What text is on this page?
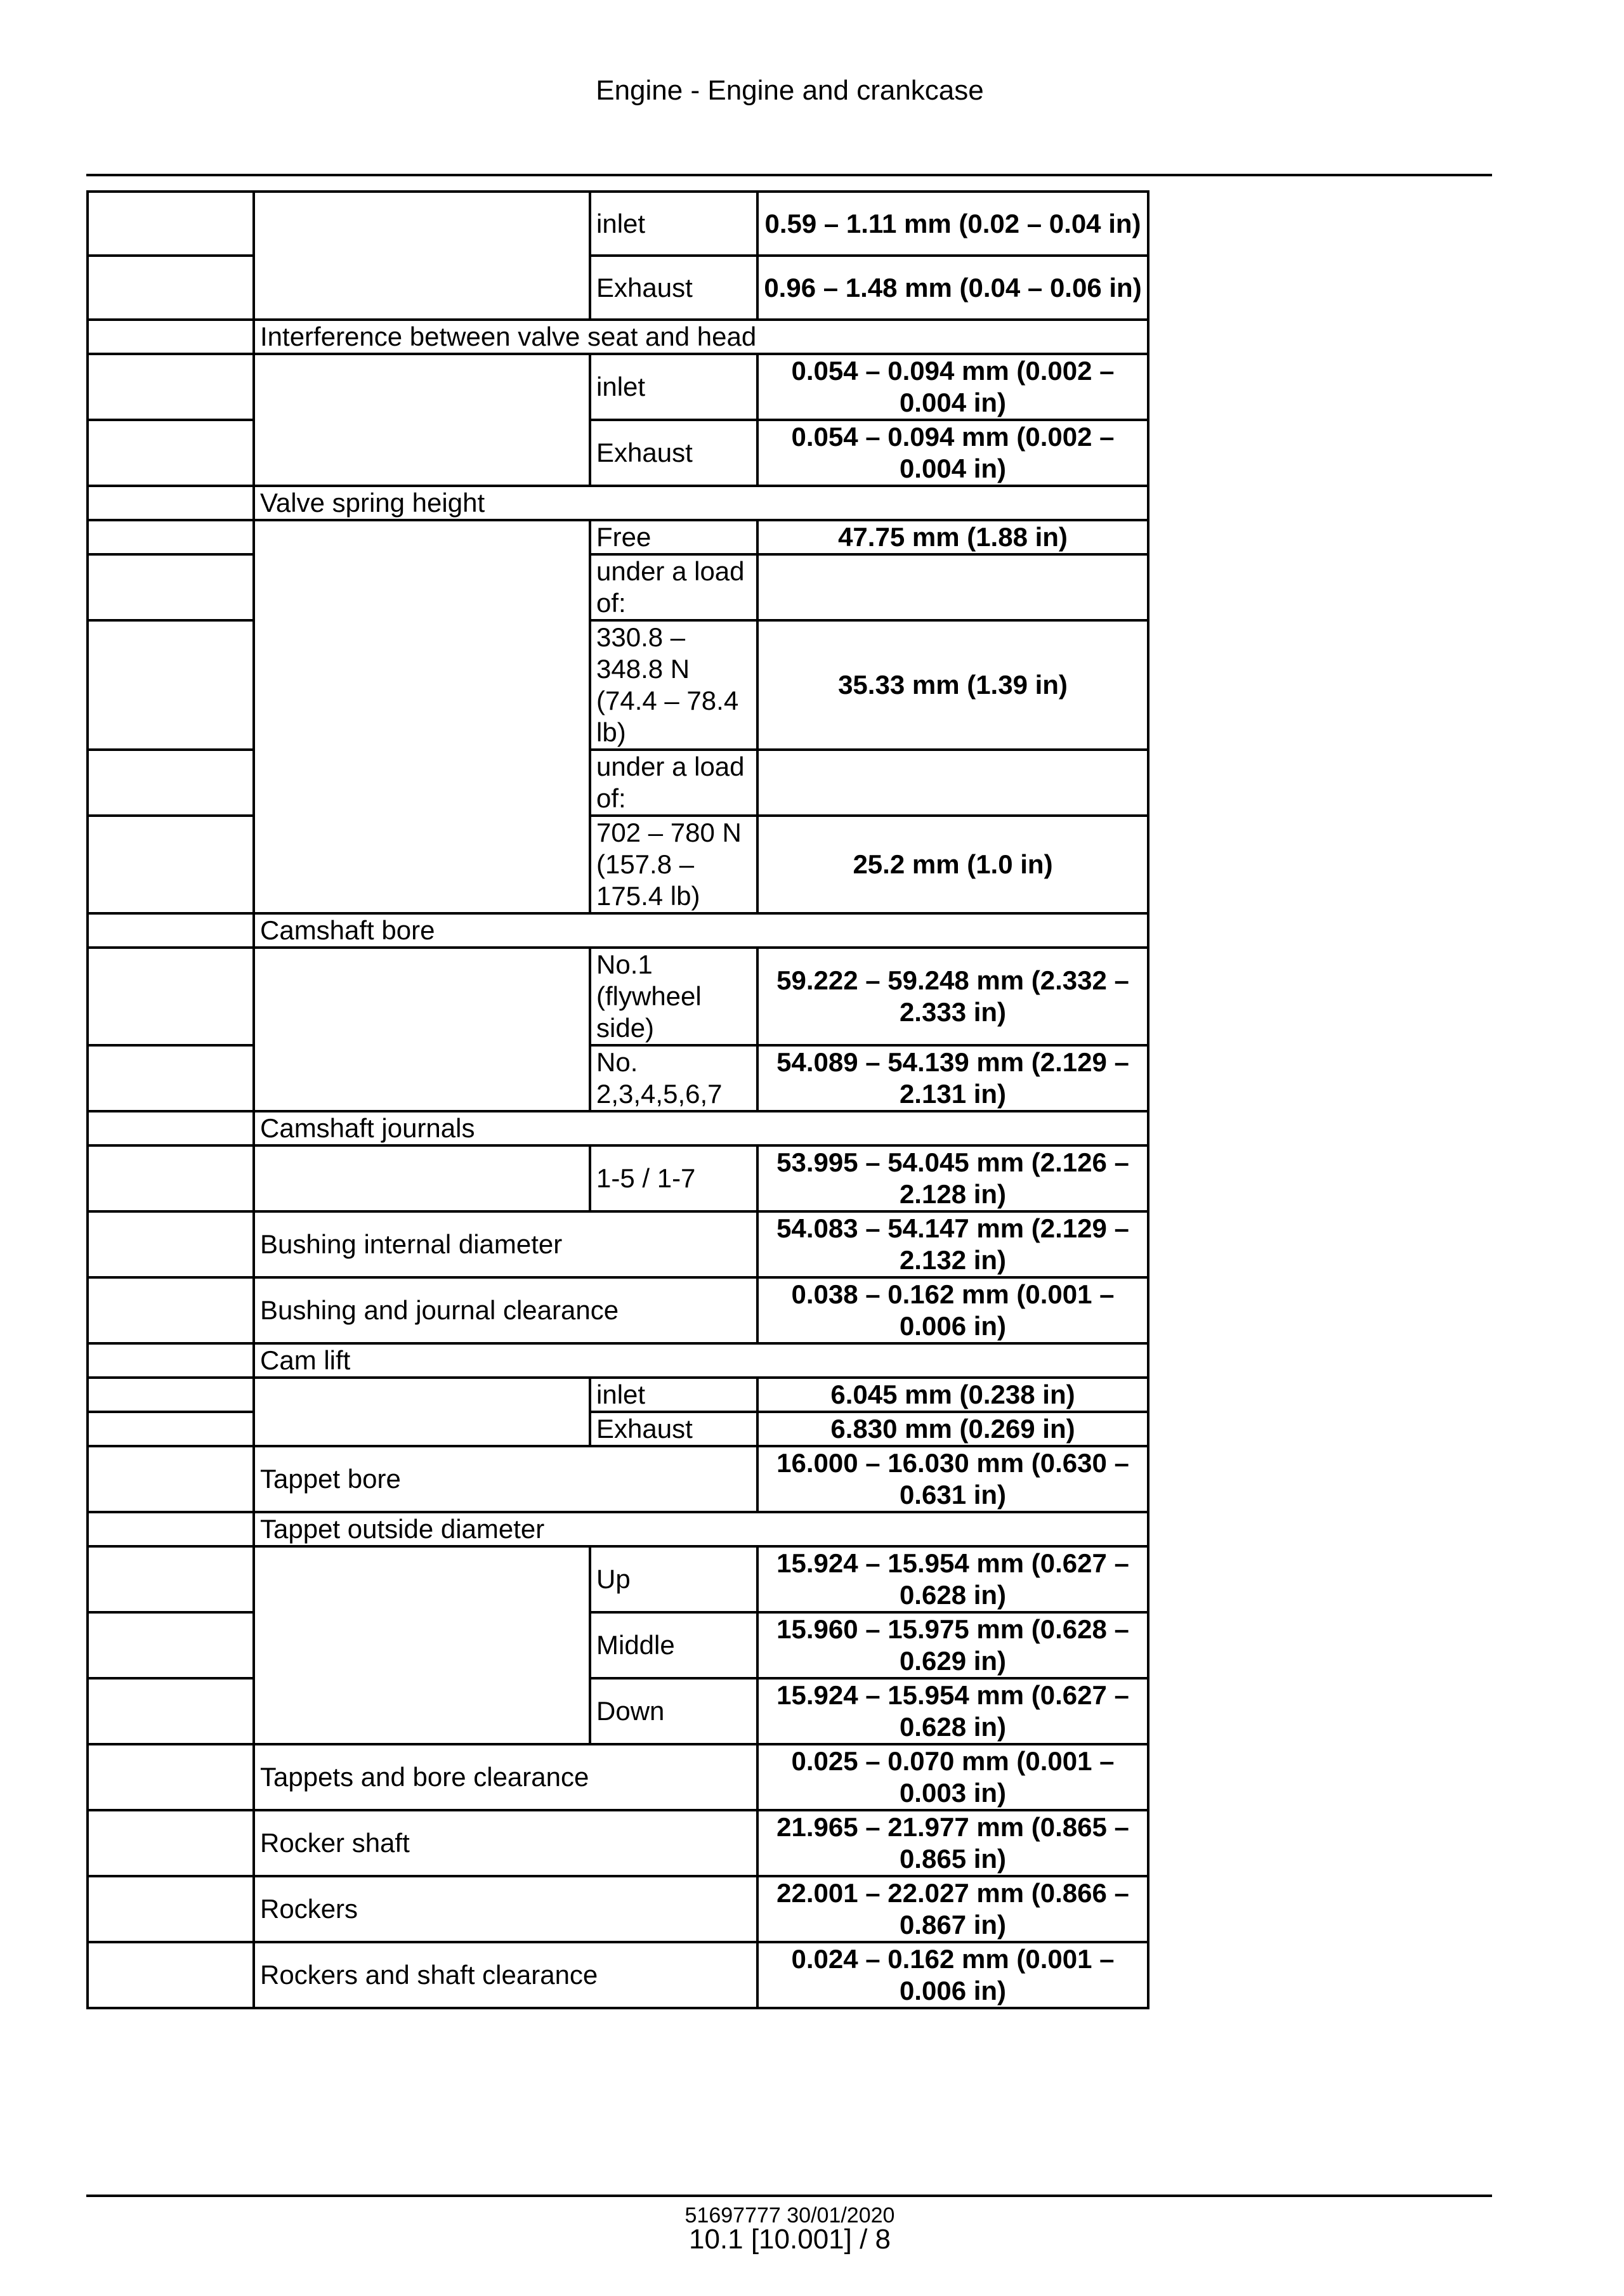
Engine - Engine and crankcase
		inlet	0.59 – 1.11 mm (0.02 – 0.04 in)
		Exhaust	0.96 – 1.48 mm (0.04 – 0.06 in)
	Interference between valve seat and head		
		inlet	0.054 – 0.094 mm (0.002 – 0.004 in)
		Exhaust	0.054 – 0.094 mm (0.002 – 0.004 in)
	Valve spring height		
		Free	47.75 mm (1.88 in)
		under a load of:	
		330.8 – 348.8 N (74.4 – 78.4 lb)	35.33 mm (1.39 in)
		under a load of:	
		702 – 780 N (157.8 – 175.4 lb)	25.2 mm (1.0 in)
	Camshaft bore		
		No.1 (flywheel side)	59.222 – 59.248 mm (2.332 – 2.333 in)
		No. 2,3,4,5,6,7	54.089 – 54.139 mm (2.129 – 2.131 in)
	Camshaft journals		
		1-5 / 1-7	53.995 – 54.045 mm (2.126 – 2.128 in)
	Bushing internal diameter		54.083 – 54.147 mm (2.129 – 2.132 in)
	Bushing and journal clearance		0.038 – 0.162 mm (0.001 – 0.006 in)
	Cam lift		
		inlet	6.045 mm (0.238 in)
		Exhaust	6.830 mm (0.269 in)
	Tappet bore		16.000 – 16.030 mm (0.630 – 0.631 in)
	Tappet outside diameter		
		Up	15.924 – 15.954 mm (0.627 – 0.628 in)
		Middle	15.960 – 15.975 mm (0.628 – 0.629 in)
		Down	15.924 – 15.954 mm (0.627 – 0.628 in)
	Tappets and bore clearance		0.025 – 0.070 mm (0.001 – 0.003 in)
	Rocker shaft		21.965 – 21.977 mm (0.865 – 0.865 in)
	Rockers		22.001 – 22.027 mm (0.866 – 0.867 in)
	Rockers and shaft clearance		0.024 – 0.162 mm (0.001 – 0.006 in)
51697777 30/01/2020
10.1 [10.001] / 8
